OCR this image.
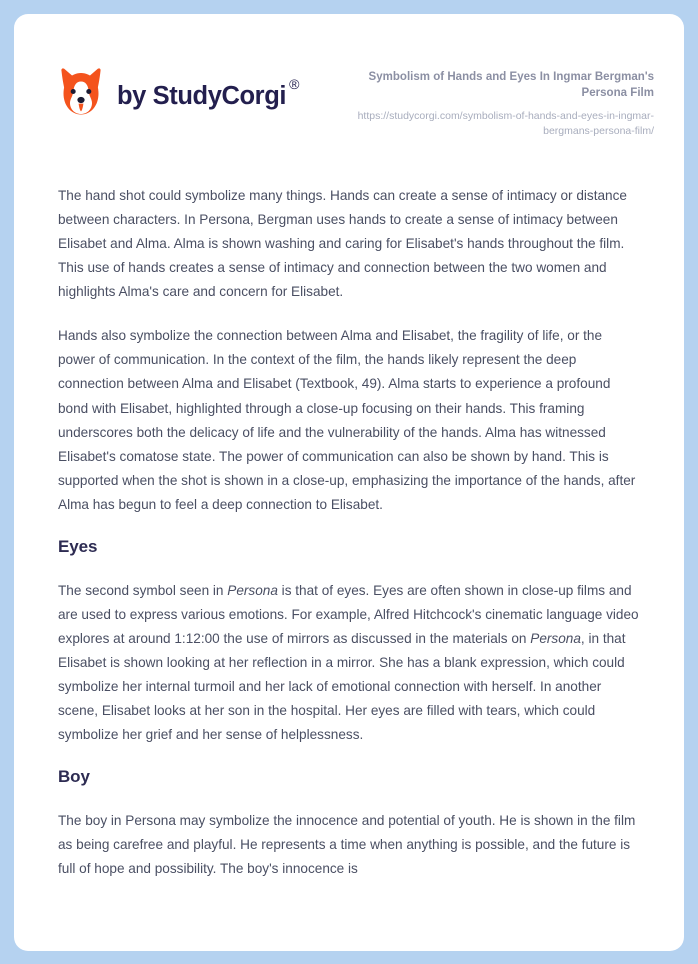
by StudyCorgi ®	Symbolism of Hands and Eyes In Ingmar Bergman's Persona Film
https://studycorgi.com/symbolism-of-hands-and-eyes-in-ingmar-bergmans-persona-film/

The hand shot could symbolize many things. Hands can create a sense of intimacy or distance between characters. In Persona, Bergman uses hands to create a sense of intimacy between Elisabet and Alma. Alma is shown washing and caring for Elisabet's hands throughout the film. This use of hands creates a sense of intimacy and connection between the two women and highlights Alma's care and concern for Elisabet.

Hands also symbolize the connection between Alma and Elisabet, the fragility of life, or the power of communication. In the context of the film, the hands likely represent the deep connection between Alma and Elisabet (Textbook, 49). Alma starts to experience a profound bond with Elisabet, highlighted through a close-up focusing on their hands. This framing underscores both the delicacy of life and the vulnerability of the hands. Alma has witnessed Elisabet's comatose state. The power of communication can also be shown by hand. This is supported when the shot is shown in a close-up, emphasizing the importance of the hands, after Alma has begun to feel a deep connection to Elisabet.

Eyes

The second symbol seen in Persona is that of eyes. Eyes are often shown in close-up films and are used to express various emotions. For example, Alfred Hitchcock's cinematic language video explores at around 1:12:00 the use of mirrors as discussed in the materials on Persona, in that Elisabet is shown looking at her reflection in a mirror. She has a blank expression, which could symbolize her internal turmoil and her lack of emotional connection with herself. In another scene, Elisabet looks at her son in the hospital. Her eyes are filled with tears, which could symbolize her grief and her sense of helplessness.

Boy

The boy in Persona may symbolize the innocence and potential of youth. He is shown in the film as being carefree and playful. He represents a time when anything is possible, and the future is full of hope and possibility. The boy's innocence is
